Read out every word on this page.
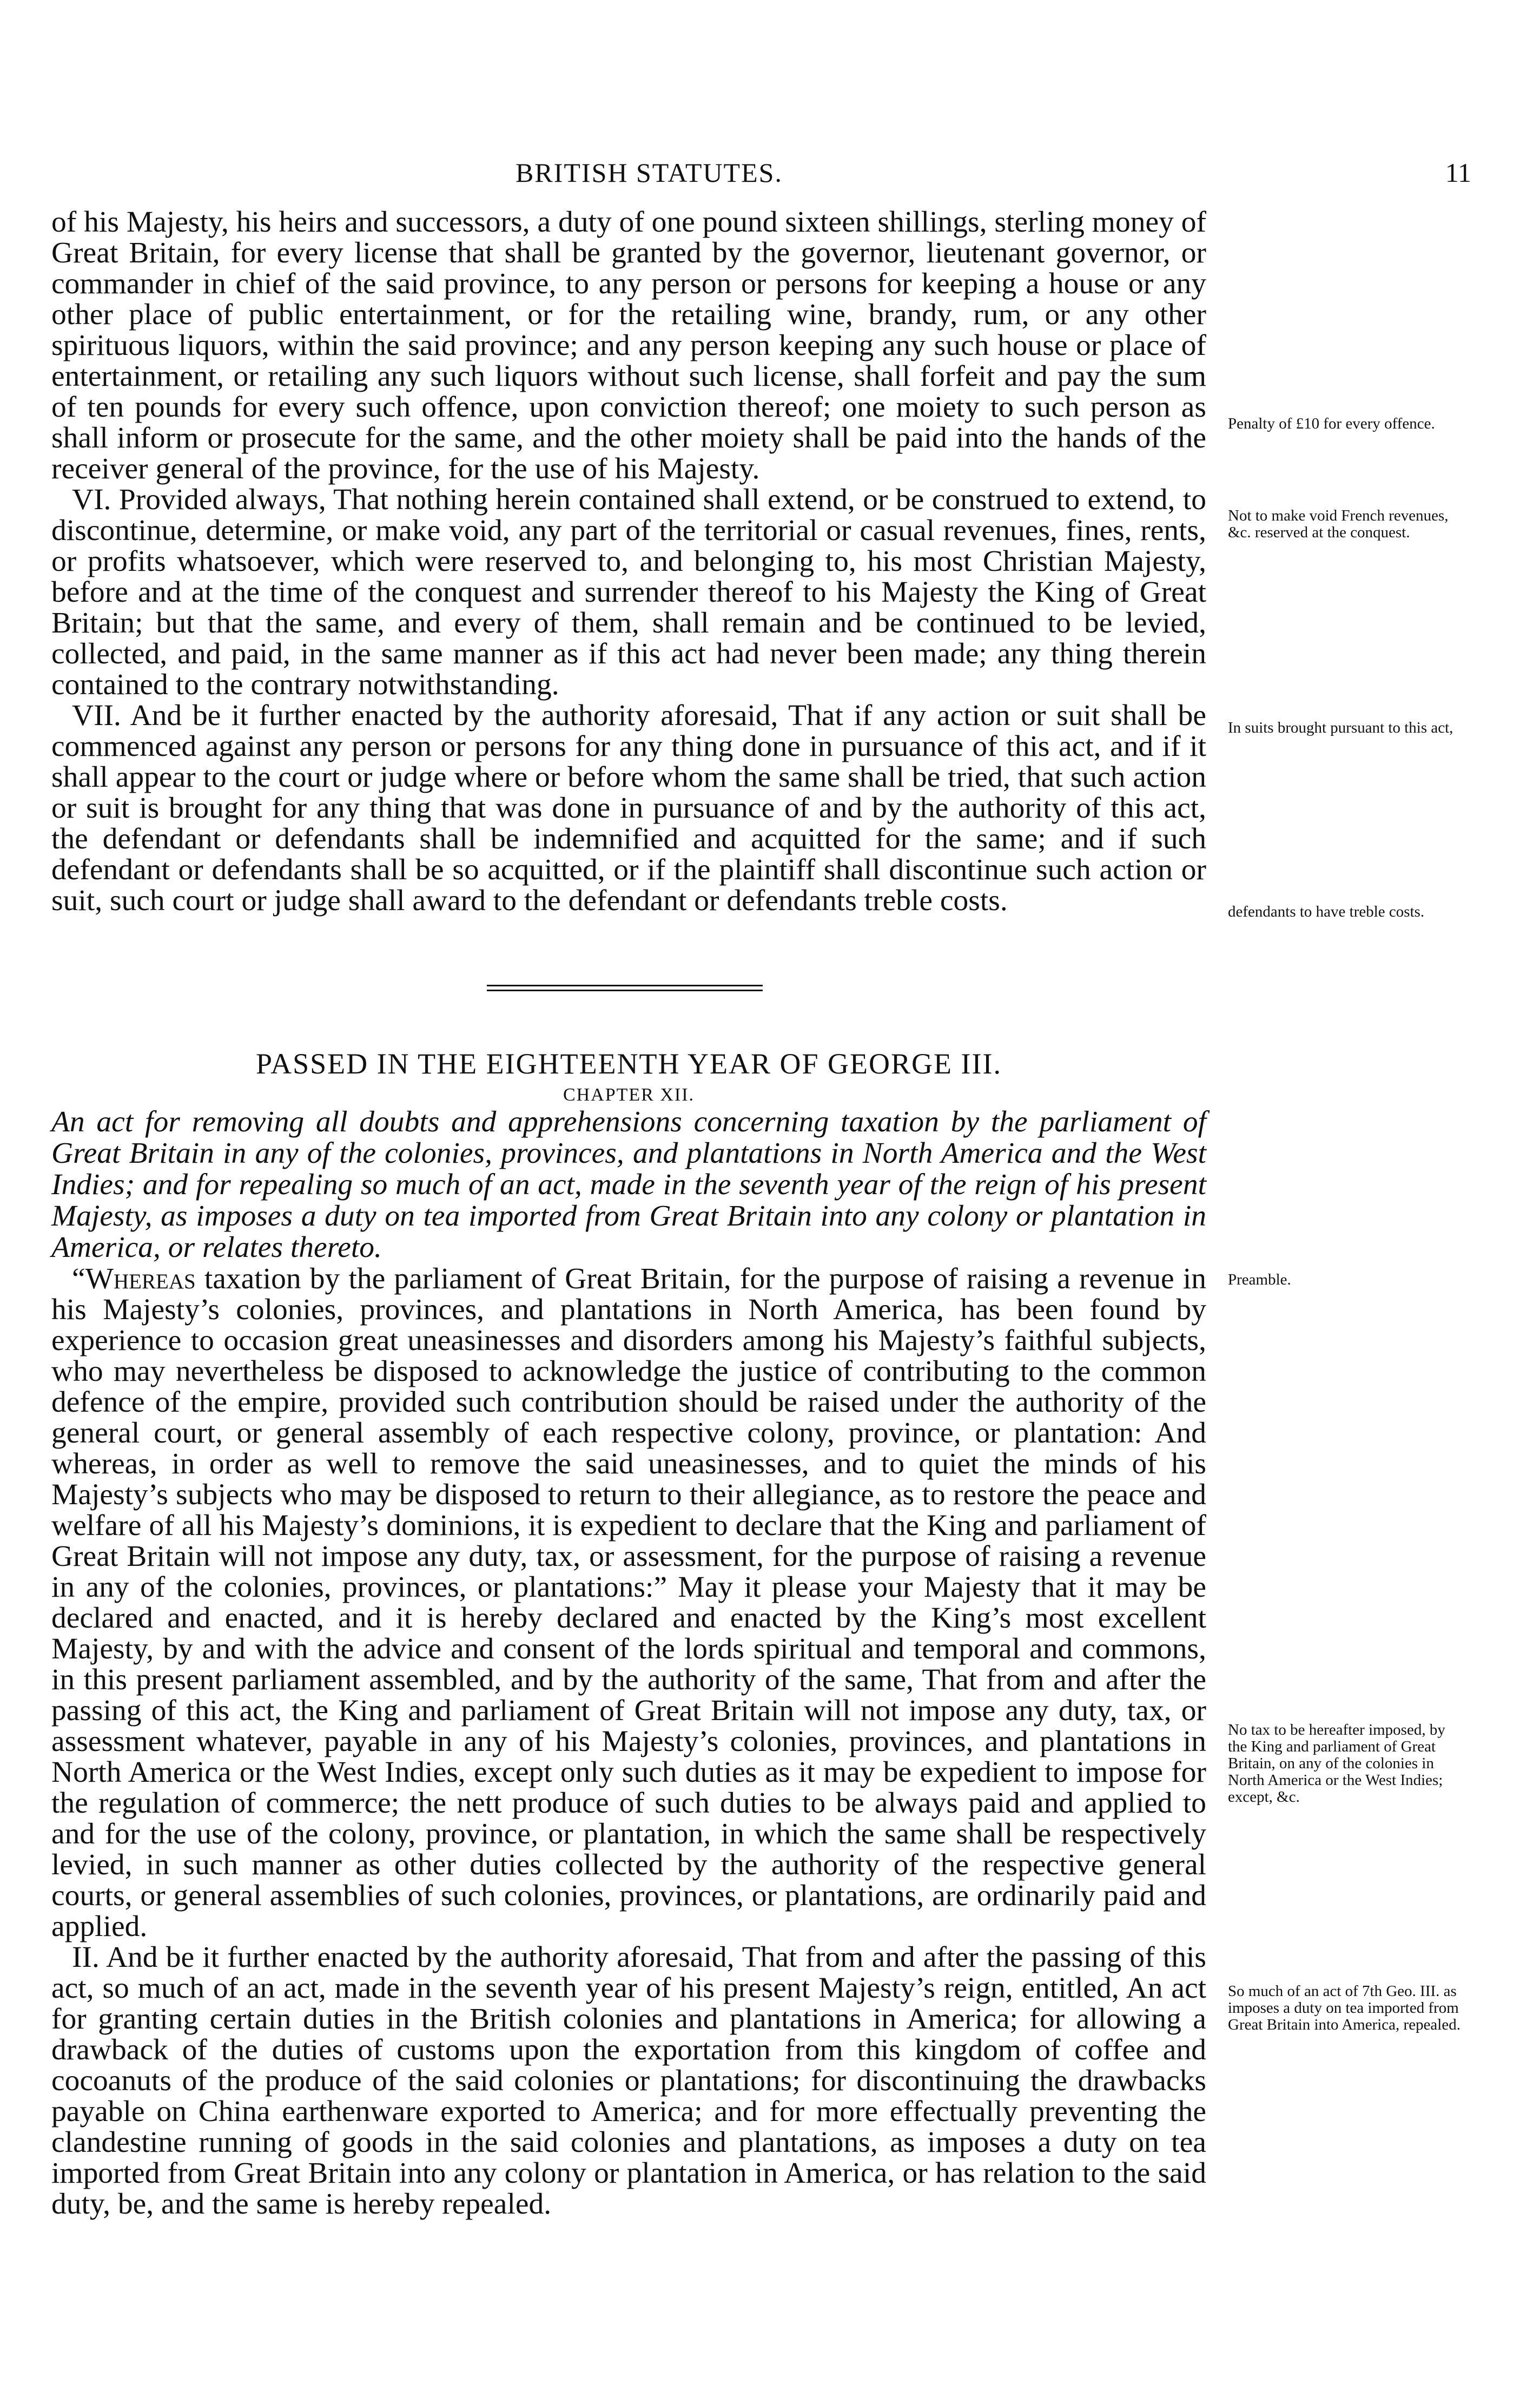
BRITISH STATUTES.	11

of his Majesty, his heirs and successors, a duty of one pound sixteen shillings, sterling money of Great Britain, for every license that shall be granted by the governor, lieutenant governor, or commander in chief of the said province, to any person or persons for keeping a house or any other place of public entertainment, or for the retailing wine, brandy, rum, or any other spirituous liquors, within the said province; and any person keeping any such house or place of entertainment, or retailing any such liquors without such license, shall forfeit and pay the sum of ten pounds for every such offence, upon conviction thereof; one moiety to such person as shall inform or prosecute for the same, and the other moiety shall be paid into the hands of the receiver general of the province, for the use of his Majesty.

VI. Provided always, That nothing herein contained shall extend, or be construed to extend, to discontinue, determine, or make void, any part of the territorial or casual revenues, fines, rents, or profits whatsoever, which were reserved to, and belonging to, his most Christian Majesty, before and at the time of the conquest and surrender thereof to his Majesty the King of Great Britain; but that the same, and every of them, shall remain and be continued to be levied, collected, and paid, in the same manner as if this act had never been made; any thing therein contained to the contrary notwithstanding.

VII. And be it further enacted by the authority aforesaid, That if any action or suit shall be commenced against any person or persons for any thing done in pursuance of this act, and if it shall appear to the court or judge where or before whom the same shall be tried, that such action or suit is brought for any thing that was done in pursuance of and by the authority of this act, the defendant or defendants shall be indemnified and acquitted for the same; and if such defendant or defendants shall be so acquitted, or if the plaintiff shall discontinue such action or suit, such court or judge shall award to the defendant or defendants treble costs.

Penalty of £10 for every offence.
Not to make void French revenues, &c. reserved at the conquest.
In suits brought pursuant to this act,
defendants to have treble costs.
PASSED IN THE EIGHTEENTH YEAR OF GEORGE III.
CHAPTER XII.
An act for removing all doubts and apprehensions concerning taxation by the parliament of Great Britain in any of the colonies, provinces, and plantations in North America and the West Indies; and for repealing so much of an act, made in the seventh year of the reign of his present Majesty, as imposes a duty on tea imported from Great Britain into any colony or plantation in America, or relates thereto.

“Whereas taxation by the parliament of Great Britain, for the purpose of raising a revenue in his Majesty’s colonies, provinces, and plantations in North America, has been found by experience to occasion great uneasinesses and disorders among his Majesty’s faithful subjects, who may nevertheless be disposed to acknowledge the justice of contributing to the common defence of the empire, provided such contribution should be raised under the authority of the general court, or general assembly of each respective colony, province, or plantation: And whereas, in order as well to remove the said uneasinesses, and to quiet the minds of his Majesty’s subjects who may be disposed to return to their allegiance, as to restore the peace and welfare of all his Majesty’s dominions, it is expedient to declare that the King and parliament of Great Britain will not impose any duty, tax, or assessment, for the purpose of raising a revenue in any of the colonies, provinces, or plantations:” May it please your Majesty that it may be declared and enacted, and it is hereby declared and enacted by the King’s most excellent Majesty, by and with the advice and consent of the lords spiritual and temporal and commons, in this present parliament assembled, and by the authority of the same, That from and after the passing of this act, the King and parliament of Great Britain will not impose any duty, tax, or assessment whatever, payable in any of his Majesty’s colonies, provinces, and plantations in North America or the West Indies, except only such duties as it may be expedient to impose for the regulation of commerce; the nett produce of such duties to be always paid and applied to and for the use of the colony, province, or plantation, in which the same shall be respectively levied, in such manner as other duties collected by the authority of the respective general courts, or general assemblies of such colonies, provinces, or plantations, are ordinarily paid and applied.

II. And be it further enacted by the authority aforesaid, That from and after the passing of this act, so much of an act, made in the seventh year of his present Majesty’s reign, entitled, An act for granting certain duties in the British colonies and plantations in America; for allowing a drawback of the duties of customs upon the exportation from this kingdom of coffee and cocoanuts of the produce of the said colonies or plantations; for discontinuing the drawbacks payable on China earthenware exported to America; and for more effectually preventing the clandestine running of goods in the said colonies and plantations, as imposes a duty on tea imported from Great Britain into any colony or plantation in America, or has relation to the said duty, be, and the same is hereby repealed.

Preamble.
No tax to be hereafter imposed, by the King and parliament of Great Britain, on any of the colonies in North America or the West Indies; except, &c.
So much of an act of 7th Geo. III. as imposes a duty on tea imported from Great Britain into America, repealed.
